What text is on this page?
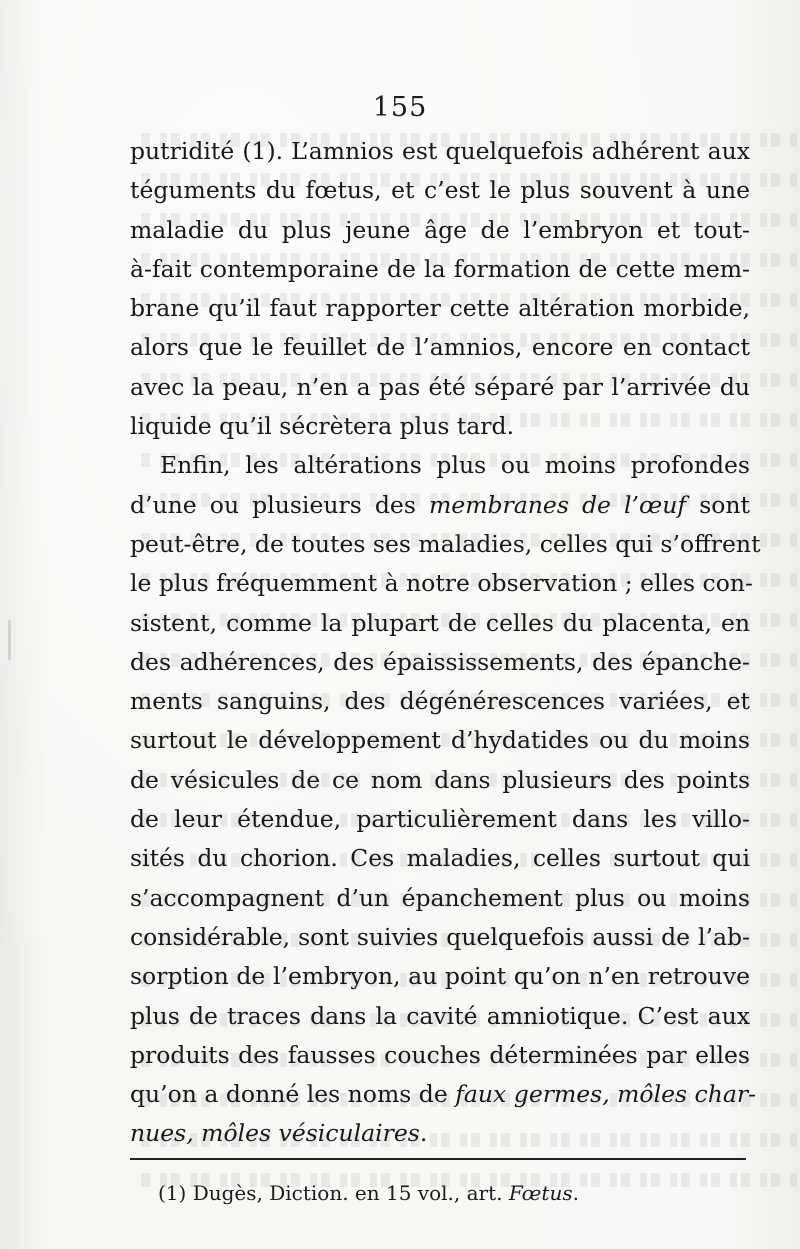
155
putridité (1). L’amnios est quelquefois adhérent aux
téguments du fœtus, et c’est le plus souvent à une
maladie du plus jeune âge de l’embryon et tout-
à-fait contemporaine de la formation de cette mem-
brane qu’il faut rapporter cette altération morbide,
alors que le feuillet de l’amnios, encore en contact
avec la peau, n’en a pas été séparé par l’arrivée du
liquide qu’il sécrètera plus tard.
Enfin, les altérations plus ou moins profondes
d’une ou plusieurs des membranes de l’œuf sont
peut-être, de toutes ses maladies, celles qui s’offrent
le plus fréquemment à notre observation ; elles con-
sistent, comme la plupart de celles du placenta, en
des adhérences, des épaississements, des épanche-
ments sanguins, des dégénérescences variées, et
surtout le développement d’hydatides ou du moins
de vésicules de ce nom dans plusieurs des points
de leur étendue, particulièrement dans les villo-
sités du chorion. Ces maladies, celles surtout qui
s’accompagnent d’un épanchement plus ou moins
considérable, sont suivies quelquefois aussi de l’ab-
sorption de l’embryon, au point qu’on n’en retrouve
plus de traces dans la cavité amniotique. C’est aux
produits des fausses couches déterminées par elles
qu’on a donné les noms de faux germes, môles char-
nues, môles vésiculaires.
(1) Dugès, Diction. en 15 vol., art. Fœtus.
